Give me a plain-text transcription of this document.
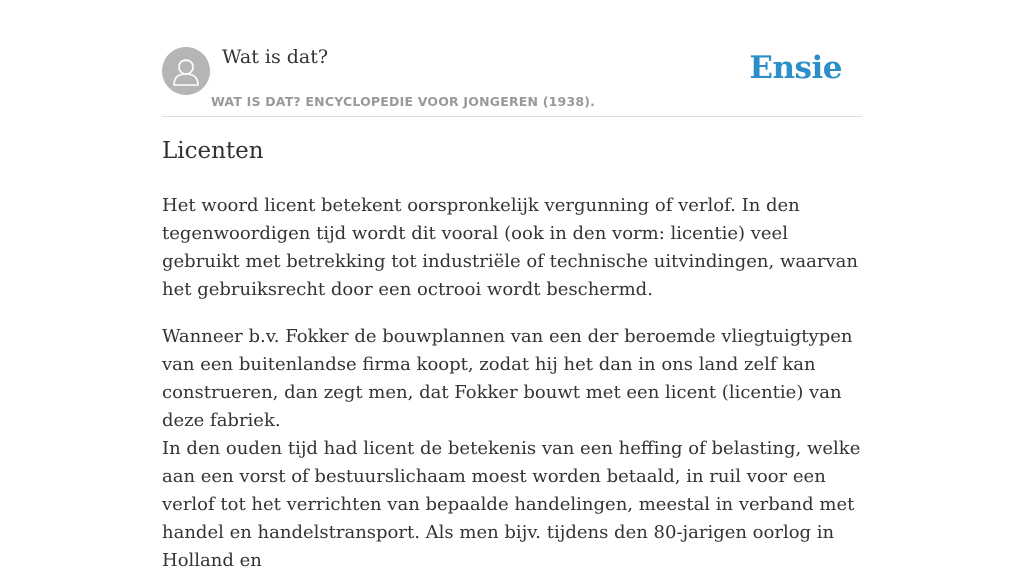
Wat is dat?
WAT IS DAT? ENCYCLOPEDIE VOOR JONGEREN (1938).
Ensie
Licenten

Het woord licent betekent oorspronkelijk vergunning of verlof. In den tegenwoordigen tijd wordt dit vooral (ook in den vorm: licentie) veel gebruikt met betrekking tot industriële of technische uitvindingen, waarvan het gebruiksrecht door een octrooi wordt beschermd.

Wanneer b.v. Fokker de bouwplannen van een der beroemde vliegtuigtypen van een buitenlandse firma koopt, zodat hij het dan in ons land zelf kan construeren, dan zegt men, dat Fokker bouwt met een licent (licentie) van deze fabriek.
In den ouden tijd had licent de betekenis van een heffing of belasting, welke aan een vorst of bestuurslichaam moest worden betaald, in ruil voor een verlof tot het verrichten van bepaalde handelingen, meestal in verband met handel en handelstransport. Als men bijv. tijdens den 80-jarigen oorlog in Holland en
